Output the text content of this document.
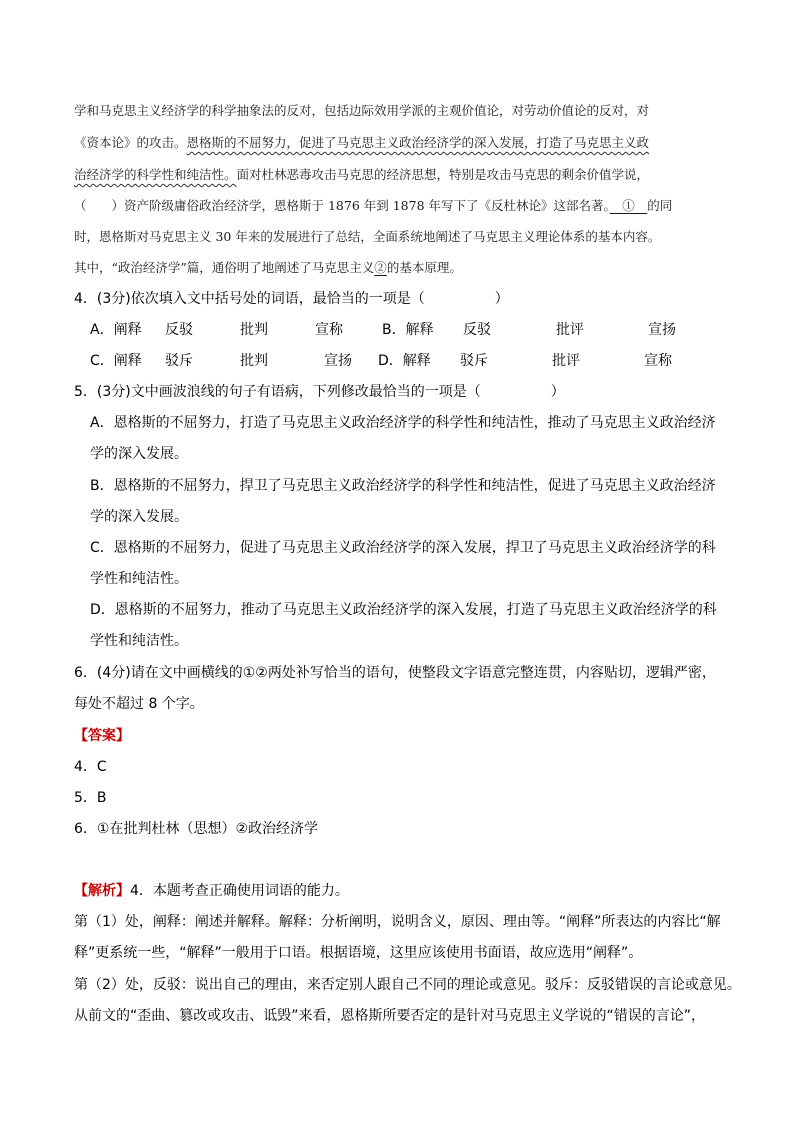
学和马克思主义经济学的科学抽象法的反对，包括边际效用学派的主观价值论，对劳动价值论的反对，对
《资本论》的攻击。恩格斯的不屈努力，促进了马克思主义政治经济学的深入发展，打造了马克思主义政
治经济学的科学性和纯洁性。面对杜林恶毒攻击马克思的经济思想，特别是攻击马克思的剩余价值学说，
（　　）资产阶级庸俗政治经济学，恩格斯于 1876 年到 1878 年写下了《反杜林论》这部名著。　①　的同
时，恩格斯对马克思主义 30 年来的发展进行了总结，全面系统地阐述了马克思主义理论体系的基本内容。
其中，“政治经济学”篇，通俗明了地阐述了马克思主义②的基本原理。
4．(3分)依次填入文中括号处的词语，最恰当的一项是（　　　　　）
A．阐释 反驳	批判	宣称	B．解释 反驳	批评	宣扬
C．阐释 驳斥	批判	宣扬 D．解释 驳斥	批评	宣称
5．(3分)文中画波浪线的句子有语病，下列修改最恰当的一项是（　　　　　）
A．恩格斯的不屈努力，打造了马克思主义政治经济学的科学性和纯洁性，推动了马克思主义政治经济
学的深入发展。
B．恩格斯的不屈努力，捍卫了马克思主义政治经济学的科学性和纯洁性，促进了马克思主义政治经济
学的深入发展。
C．恩格斯的不屈努力，促进了马克思主义政治经济学的深入发展，捍卫了马克思主义政治经济学的科
学性和纯洁性。
D．恩格斯的不屈努力，推动了马克思主义政治经济学的深入发展，打造了马克思主义政治经济学的科
学性和纯洁性。
6．(4分)请在文中画横线的①②两处补写恰当的语句，使整段文字语意完整连贯，内容贴切，逻辑严密，
每处不超过 8 个字。
【答案】
4．C
5．B
6．①在批判杜林（思想）②政治经济学
【解析】4．本题考查正确使用词语的能力。
第（1）处，阐释：阐述并解释。解释：分析阐明，说明含义，原因、理由等。“阐释”所表达的内容比“解
释”更系统一些，“解释”一般用于口语。根据语境，这里应该使用书面语，故应选用“阐释”。
第（2）处，反驳：说出自己的理由，来否定别人跟自己不同的理论或意见。驳斥：反驳错误的言论或意见。
从前文的“歪曲、篡改或攻击、诋毁”来看，恩格斯所要否定的是针对马克思主义学说的“错误的言论”，
